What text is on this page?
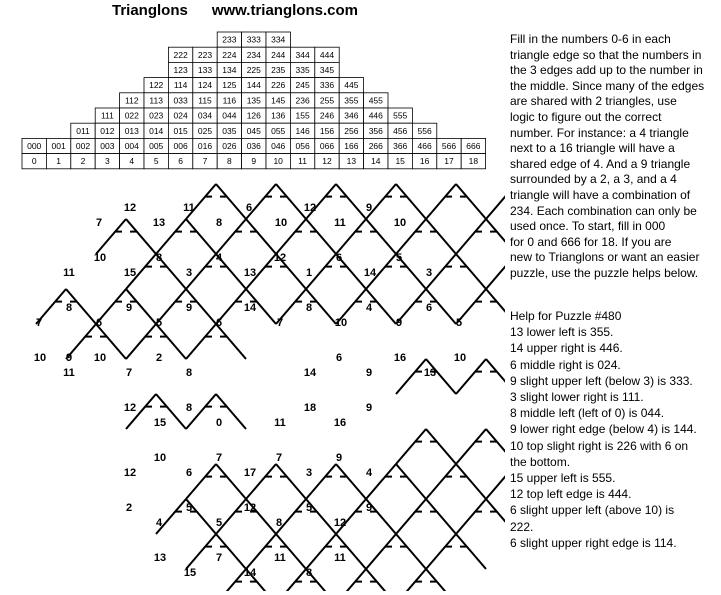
Trianglons www.trianglons.com
233 333 334
222 223 224 234 244 344 444
123 133 134 225 235 335 345
122 114 124 125 144 226 245 336 445
112 113 033 115 116 135 145 236 255 355 455
111 022 023 024 034 044 126 136 155 246 346 446 555
011 012 013 014 015 025 035 045 055 146 156 256 356 456 556
000 001 002 003 004 005 006 016 026 036 046 056 066 166 266 366 466 566 666
0 1 2 3 4 5 6 7 8 9 10 11 12 13 14 15 16 17 18
12	11	6	12	9
7	13	8	10	11	10
10	8	4	12	6	5
11	15	3	13	1	14	3
8	9	9	14	8	4	6
7	6	5	6	7	10	9	5
10 9 10	2	6	16	10
11	7	8	14	9	13
12	8	18	9
15	0	11	16
10	7	7	9
12	6	17	3	4
2	5	12	5	9
4	5	8	12
13	7	11	11
15	14	8
Fill in the numbers 0-6 in each
triangle edge so that the numbers in
the 3 edges add up to the number in
the middle. Since many of the edges
are shared with 2 triangles, use
logic to figure out the correct
number. For instance: a 4 triangle
next to a 16 triangle will have a
shared edge of 4. And a 9 triangle
surrounded by a 2, a 3, and a 4
triangle will have a combination of
234. Each combination can only be
used once. To start, fill in 000
for 0 and 666 for 18. If you are
new to Trianglons or want an easier
puzzle, use the puzzle helps below.
Help for Puzzle #480
13 lower left is 355.
14 upper right is 446.
6 middle right is 024.
9 slight upper left (below 3) is 333.
3 slight lower right is 111.
8 middle left (left of 0) is 044.
9 lower right edge (below 4) is 144.
10 top slight right is 226 with 6 on
the bottom.
15 upper left is 555.
12 top left edge is 444.
6 slight upper left (above 10) is
222.
6 slight upper right edge is 114.
